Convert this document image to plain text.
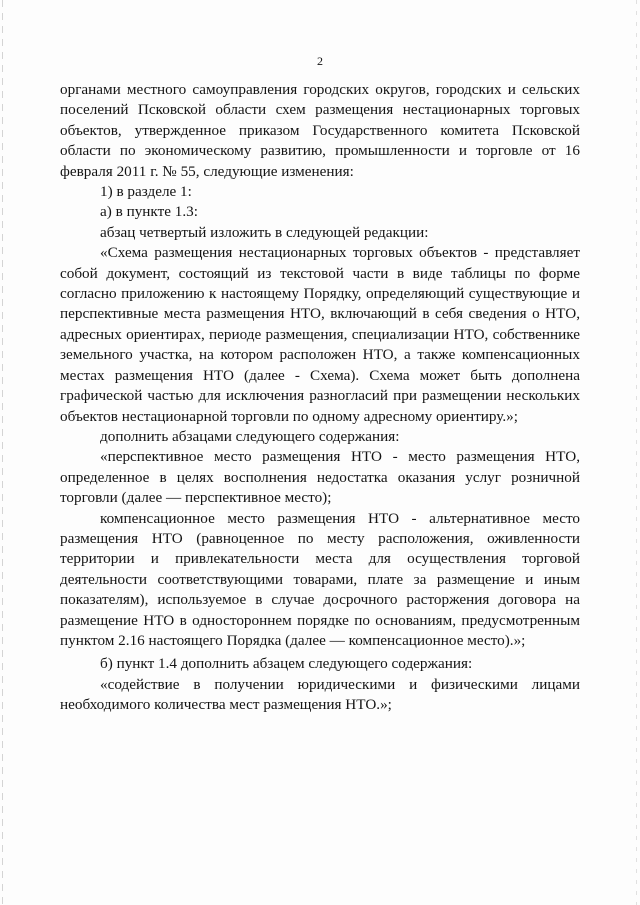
2

органами местного самоуправления городских округов, городских и сельских поселений Псковской области схем размещения нестационарных торговых объектов, утвержденное приказом Государственного комитета Псковской области по экономическому развитию, промышленности и торговле от 16 февраля 2011 г. № 55, следующие изменения:

1) в разделе 1:

а) в пункте 1.3:

абзац четвертый изложить в следующей редакции:

«Схема размещения нестационарных торговых объектов - представляет собой документ, состоящий из текстовой части в виде таблицы по форме согласно приложению к настоящему Порядку, определяющий существующие и перспективные места размещения НТО, включающий в себя сведения о НТО, адресных ориентирах, периоде размещения, специализации НТО, собственнике земельного участка, на котором расположен НТО, а также компенсационных местах размещения НТО (далее - Схема). Схема может быть дополнена графической частью для исключения разногласий при размещении нескольких объектов нестационарной торговли по одному адресному ориентиру.»;

дополнить абзацами следующего содержания:

«перспективное место размещения НТО - место размещения НТО, определенное в целях восполнения недостатка оказания услуг розничной торговли (далее — перспективное место);

компенсационное место размещения НТО - альтернативное место размещения НТО (равноценное по месту расположения, оживленности территории и привлекательности места для осуществления торговой деятельности соответствующими товарами, плате за размещение и иным показателям), используемое в случае досрочного расторжения договора на размещение НТО в одностороннем порядке по основаниям, предусмотренным пунктом 2.16 настоящего Порядка (далее — компенсационное место).»;

б) пункт 1.4 дополнить абзацем следующего содержания:

«содействие в получении юридическими и физическими лицами необходимого количества мест размещения НТО.»;
